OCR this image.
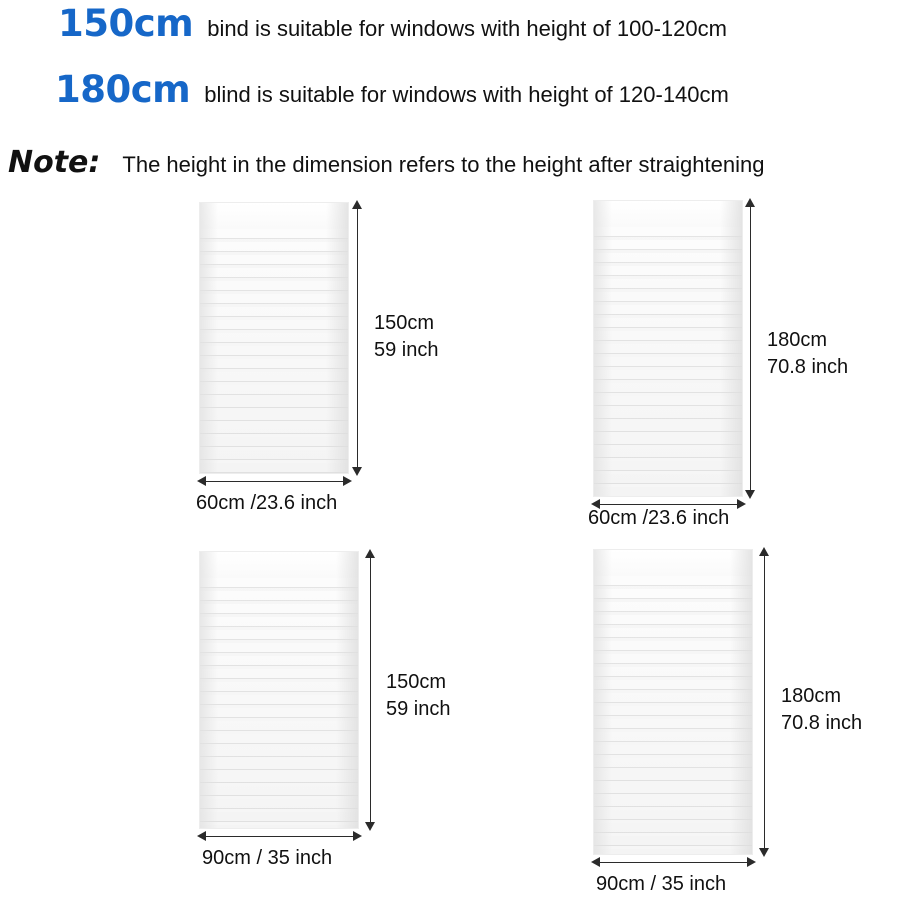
150cm bind is suitable for windows with height of 100-120cm
180cm blind is suitable for windows with height of 120-140cm
Note: The height in the dimension refers to the height after straightening
150cm
59 inch
60cm /23.6 inch
180cm
70.8 inch
60cm /23.6 inch
150cm
59 inch
90cm / 35 inch
180cm
70.8 inch
90cm / 35 inch
